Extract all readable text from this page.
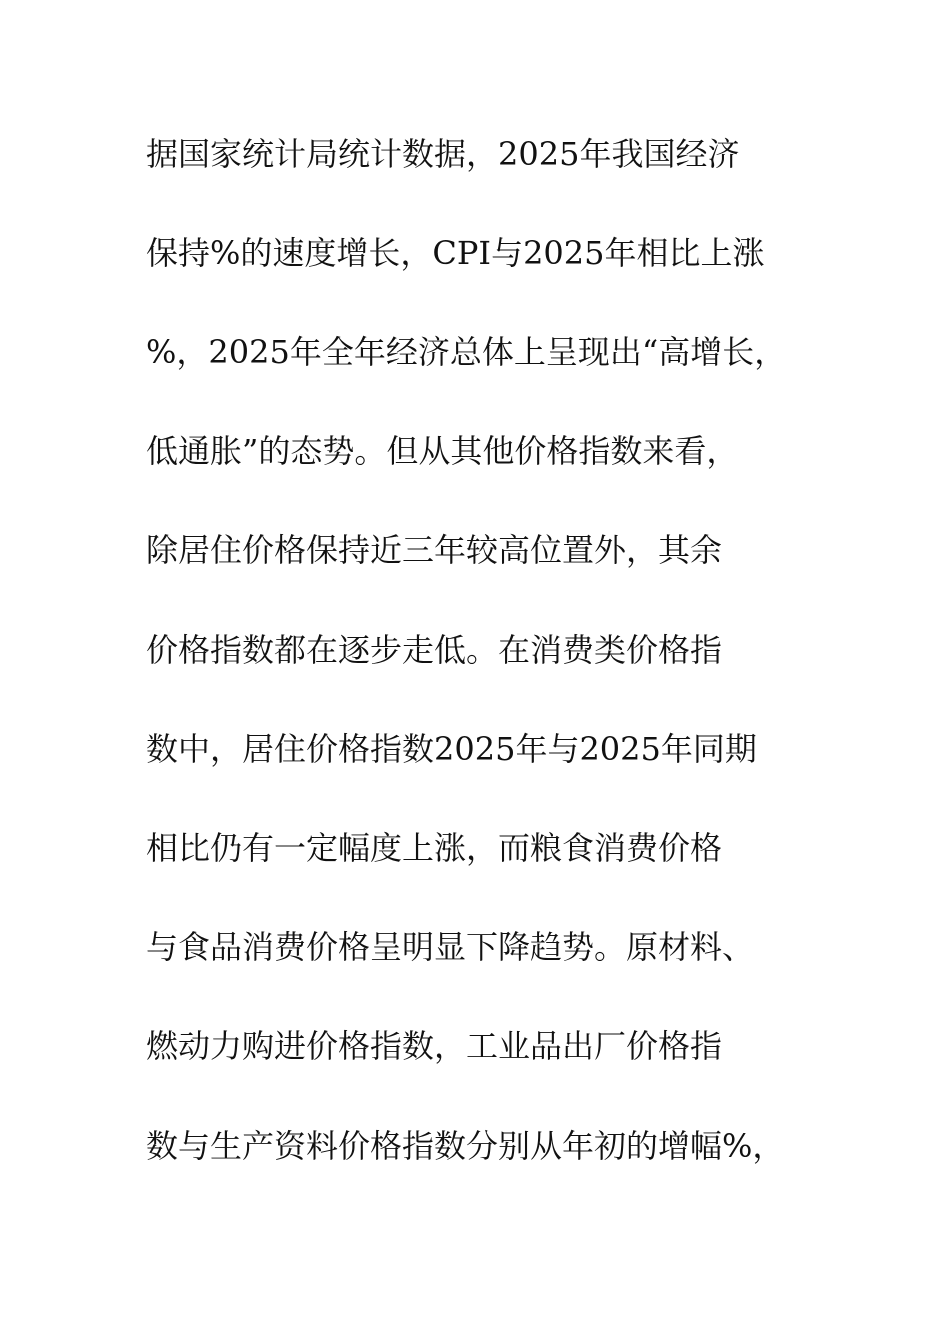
据国家统计局统计数据，2025年我国经济

保持%的速度增长，CPI与2025年相比上涨

%，2025年全年经济总体上呈现出“高增长，

低通胀”的态势。但从其他价格指数来看，

除居住价格保持近三年较高位置外，其余

价格指数都在逐步走低。在消费类价格指

数中，居住价格指数2025年与2025年同期

相比仍有一定幅度上涨，而粮食消费价格

与食品消费价格呈明显下降趋势。原材料、

燃动力购进价格指数，工业品出厂价格指

数与生产资料价格指数分别从年初的增幅%，
